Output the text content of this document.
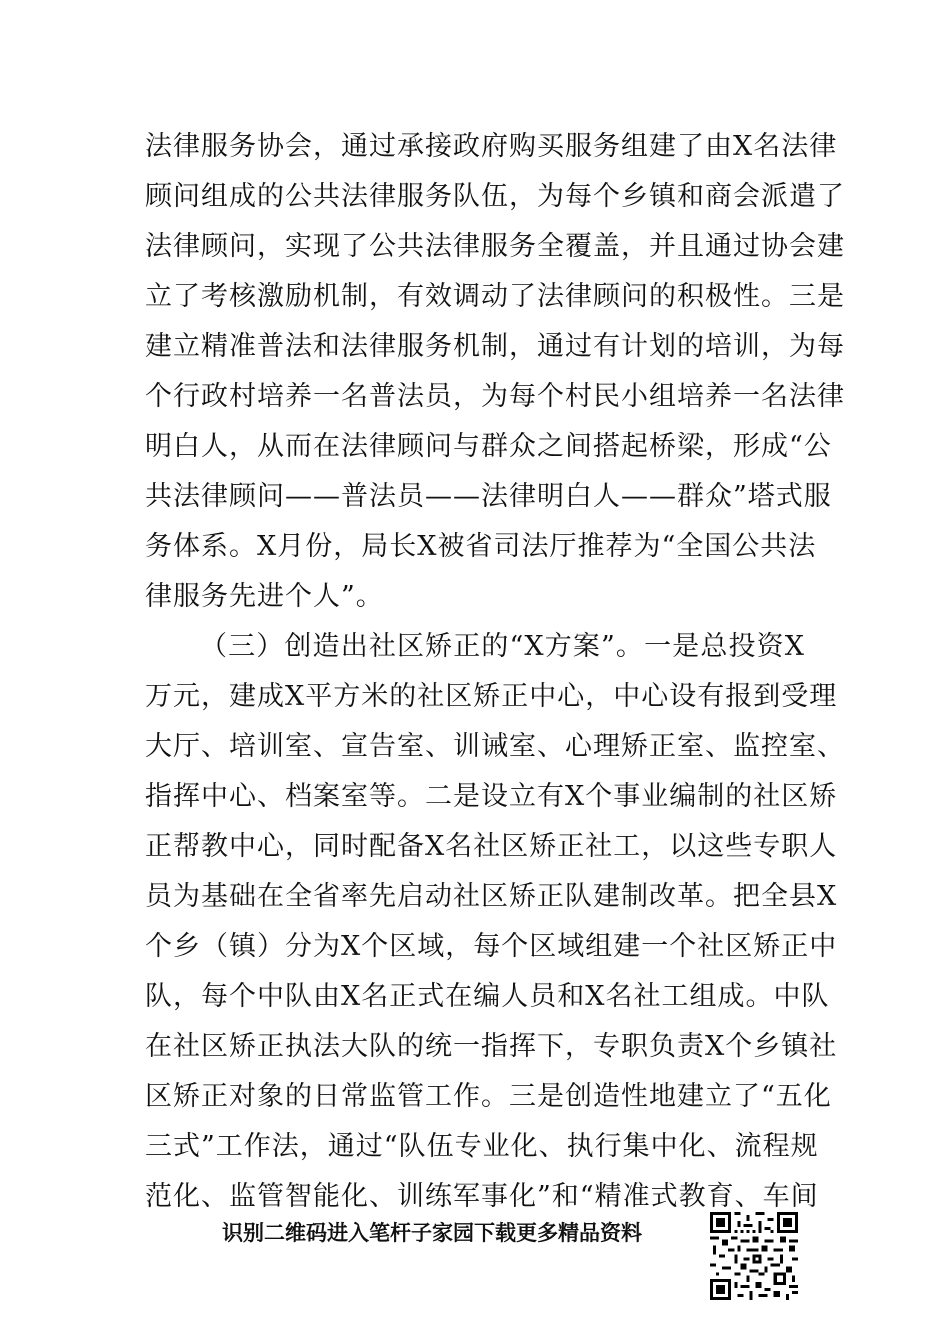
法律服务协会，通过承接政府购买服务组建了由X名法律
顾问组成的公共法律服务队伍，为每个乡镇和商会派遣了
法律顾问，实现了公共法律服务全覆盖，并且通过协会建
立了考核激励机制，有效调动了法律顾问的积极性。三是
建立精准普法和法律服务机制，通过有计划的培训，为每
个行政村培养一名普法员，为每个村民小组培养一名法律
明白人，从而在法律顾问与群众之间搭起桥梁，形成“公
共法律顾问——普法员——法律明白人——群众”塔式服
务体系。X月份，局长X被省司法厅推荐为“全国公共法
律服务先进个人”。
（三）创造出社区矫正的“X方案”。一是总投资X
万元，建成X平方米的社区矫正中心，中心设有报到受理
大厅、培训室、宣告室、训诫室、心理矫正室、监控室、
指挥中心、档案室等。二是设立有X个事业编制的社区矫
正帮教中心，同时配备X名社区矫正社工，以这些专职人
员为基础在全省率先启动社区矫正队建制改革。把全县X
个乡（镇）分为X个区域，每个区域组建一个社区矫正中
队，每个中队由X名正式在编人员和X名社工组成。中队
在社区矫正执法大队的统一指挥下，专职负责X个乡镇社
区矫正对象的日常监管工作。三是创造性地建立了“五化
三式”工作法，通过“队伍专业化、执行集中化、流程规
范化、监管智能化、训练军事化”和“精准式教育、车间
识别二维码进入笔杆子家园下载更多精品资料
